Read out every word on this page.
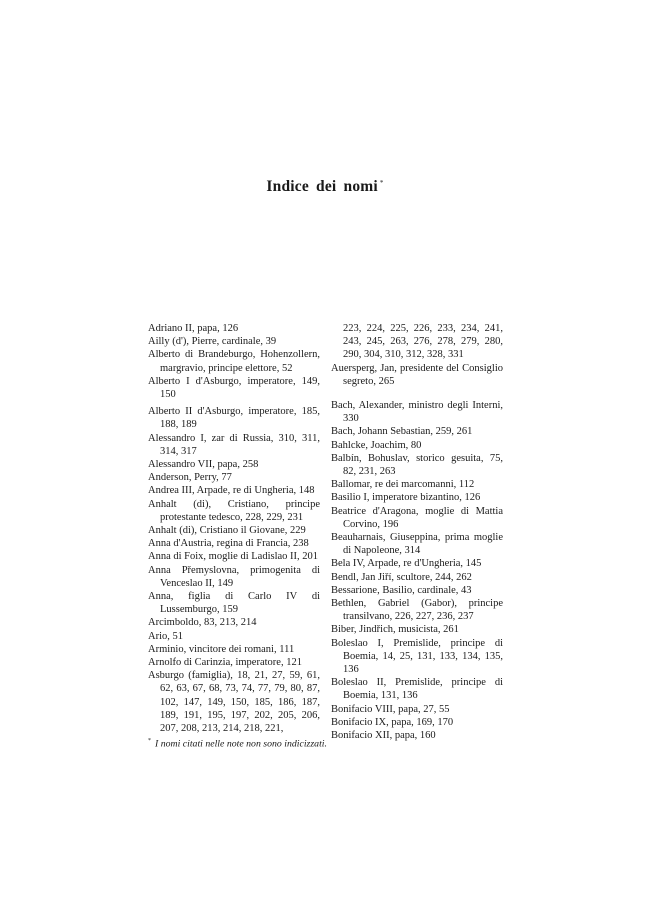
Indice dei nomi *

Adriano II, papa, 126

Ailly (d'), Pierre, cardinale, 39

Alberto di Brandeburgo, Hohenzollern, margravio, principe elettore, 52

Alberto I d'Asburgo, imperatore, 149, 150

Alberto II d'Asburgo, imperatore, 185, 188, 189

Alessandro I, zar di Russia, 310, 311, 314, 317

Alessandro VII, papa, 258

Anderson, Perry, 77

Andrea III, Arpade, re di Ungheria, 148

Anhalt (di), Cristiano, principe protestante tedesco, 228, 229, 231

Anhalt (di), Cristiano il Giovane, 229

Anna d'Austria, regina di Francia, 238

Anna di Foix, moglie di Ladislao II, 201

Anna Přemyslovna, primogenita di Venceslao II, 149

Anna, figlia di Carlo IV di Lussemburgo, 159

Arcimboldo, 83, 213, 214

Ario, 51

Arminio, vincitore dei romani, 111

Arnolfo di Carinzia, imperatore, 121

Asburgo (famiglia), 18, 21, 27, 59, 61, 62, 63, 67, 68, 73, 74, 77, 79, 80, 87, 102, 147, 149, 150, 185, 186, 187, 189, 191, 195, 197, 202, 205, 206, 207, 208, 213, 214, 218, 221,

223, 224, 225, 226, 233, 234, 241, 243, 245, 263, 276, 278, 279, 280, 290, 304, 310, 312, 328, 331

Auersperg, Jan, presidente del Consiglio segreto, 265

Bach, Alexander, ministro degli Interni, 330

Bach, Johann Sebastian, 259, 261

Bahlcke, Joachim, 80

Balbín, Bohuslav, storico gesuita, 75, 82, 231, 263

Ballomar, re dei marcomanni, 112

Basilio I, imperatore bizantino, 126

Beatrice d'Aragona, moglie di Mattia Corvino, 196

Beauharnais, Giuseppina, prima moglie di Napoleone, 314

Bela IV, Arpade, re d'Ungheria, 145

Bendl, Jan Jiří, scultore, 244, 262

Bessarione, Basilio, cardinale, 43

Bethlen, Gabriel (Gabor), principe transilvano, 226, 227, 236, 237

Biber, Jindřich, musicista, 261

Boleslao I, Premislide, principe di Boemia, 14, 25, 131, 133, 134, 135, 136

Boleslao II, Premislide, principe di Boemia, 131, 136

Bonifacio VIII, papa, 27, 55

Bonifacio IX, papa, 169, 170

Bonifacio XII, papa, 160

* I nomi citati nelle note non sono indicizzati.
